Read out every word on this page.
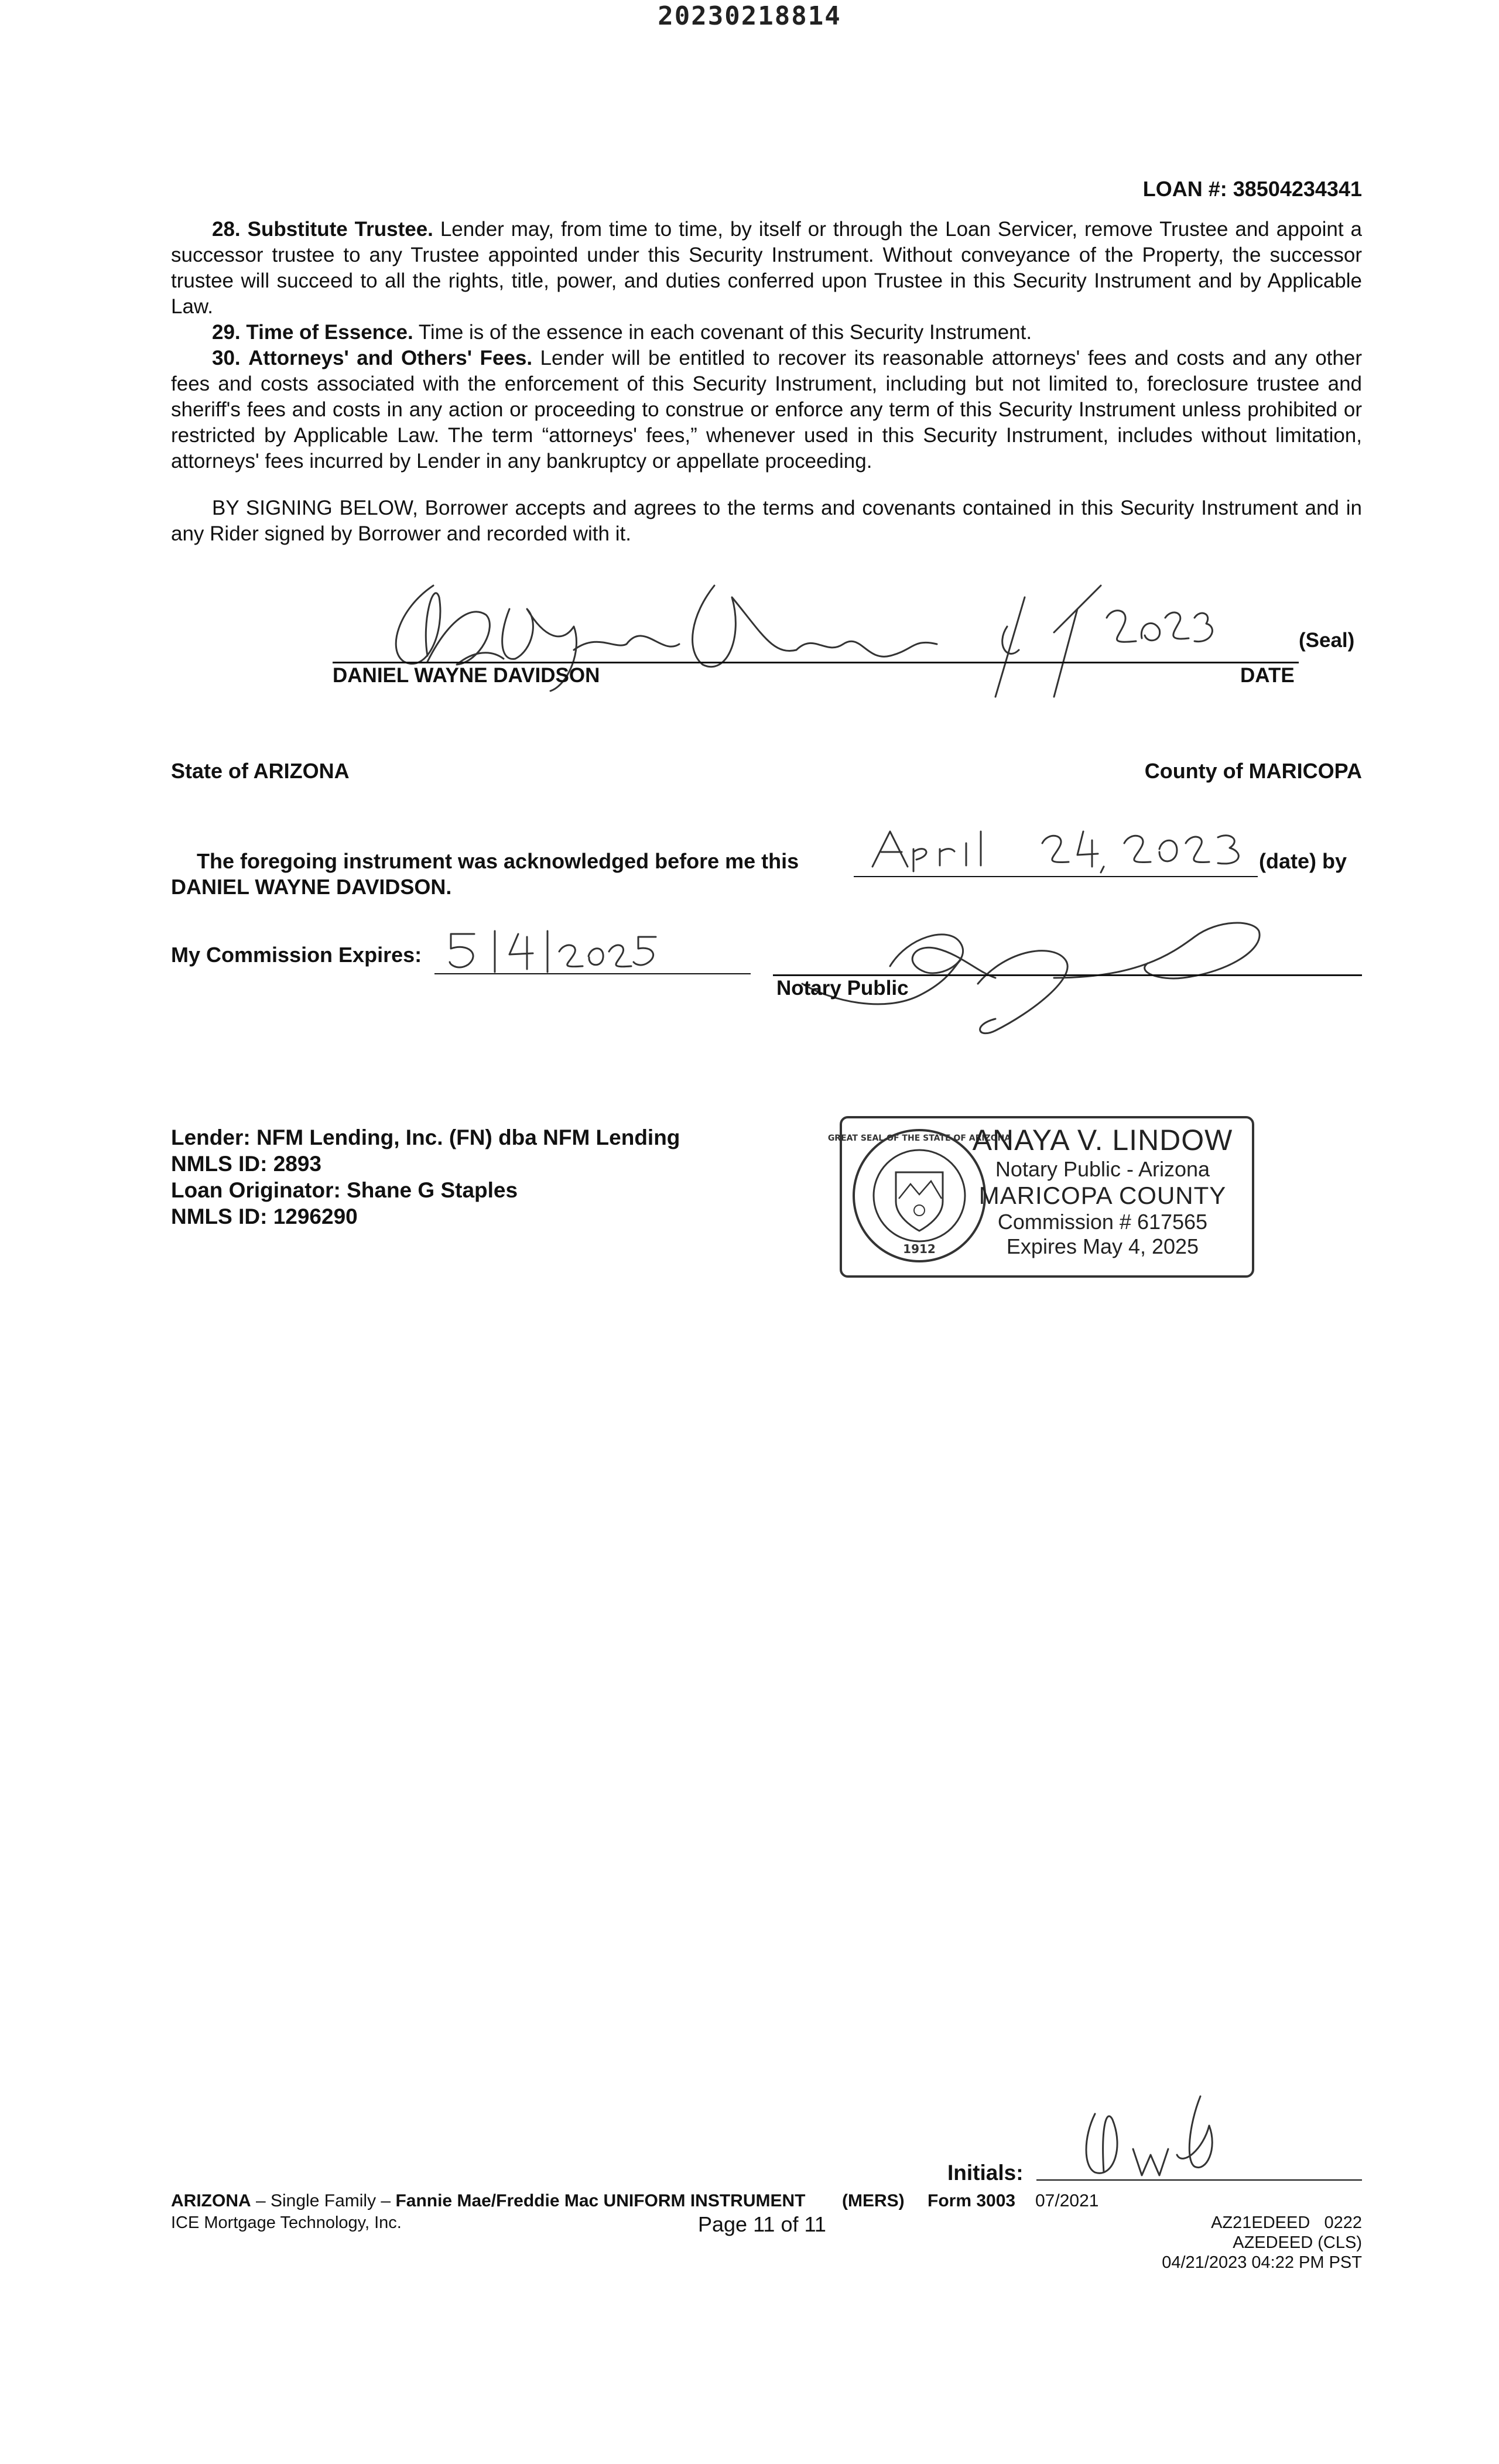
20230218814
LOAN #: 38504234341

28. Substitute Trustee. Lender may, from time to time, by itself or through the Loan Servicer, remove Trustee and appoint a successor trustee to any Trustee appointed under this Security Instrument. Without conveyance of the Property, the successor trustee will succeed to all the rights, title, power, and duties conferred upon Trustee in this Security Instrument and by Applicable Law.

29. Time of Essence. Time is of the essence in each covenant of this Security Instrument.

30. Attorneys' and Others' Fees. Lender will be entitled to recover its reasonable attorneys' fees and costs and any other fees and costs associated with the enforcement of this Security Instrument, including but not limited to, foreclosure trustee and sheriff's fees and costs in any action or proceeding to construe or enforce any term of this Security Instrument unless prohibited or restricted by Applicable Law. The term “attorneys' fees,” whenever used in this Security Instrument, includes without limitation, attorneys' fees incurred by Lender in any bankruptcy or appellate proceeding.

BY SIGNING BELOW, Borrower accepts and agrees to the terms and covenants contained in this Security Instrument and in any Rider signed by Borrower and recorded with it.

DANIEL WAYNE DAVIDSON	DATE
(Seal)
State of ARIZONA	County of MARICOPA
The foregoing instrument was acknowledged before me this	(date) by
DANIEL WAYNE DAVIDSON.
My Commission Expires:
Notary Public
Lender: NFM Lending, Inc. (FN) dba NFM Lending
NMLS ID: 2893
Loan Originator: Shane G Staples
NMLS ID: 1296290
GREAT SEAL OF THE STATE OF ARIZONA
1912
ANAYA V. LINDOW
Notary Public - Arizona
MARICOPA COUNTY
Commission # 617565
Expires May 4, 2025
Initials:
ARIZONA – Single Family – Fannie Mae/Freddie Mac UNIFORM INSTRUMENT (MERS) Form 3003 07/2021
ICE Mortgage Technology, Inc.	Page 11 of 11	AZ21EDEED   0222
AZEDEED (CLS)
04/21/2023 04:22 PM PST
